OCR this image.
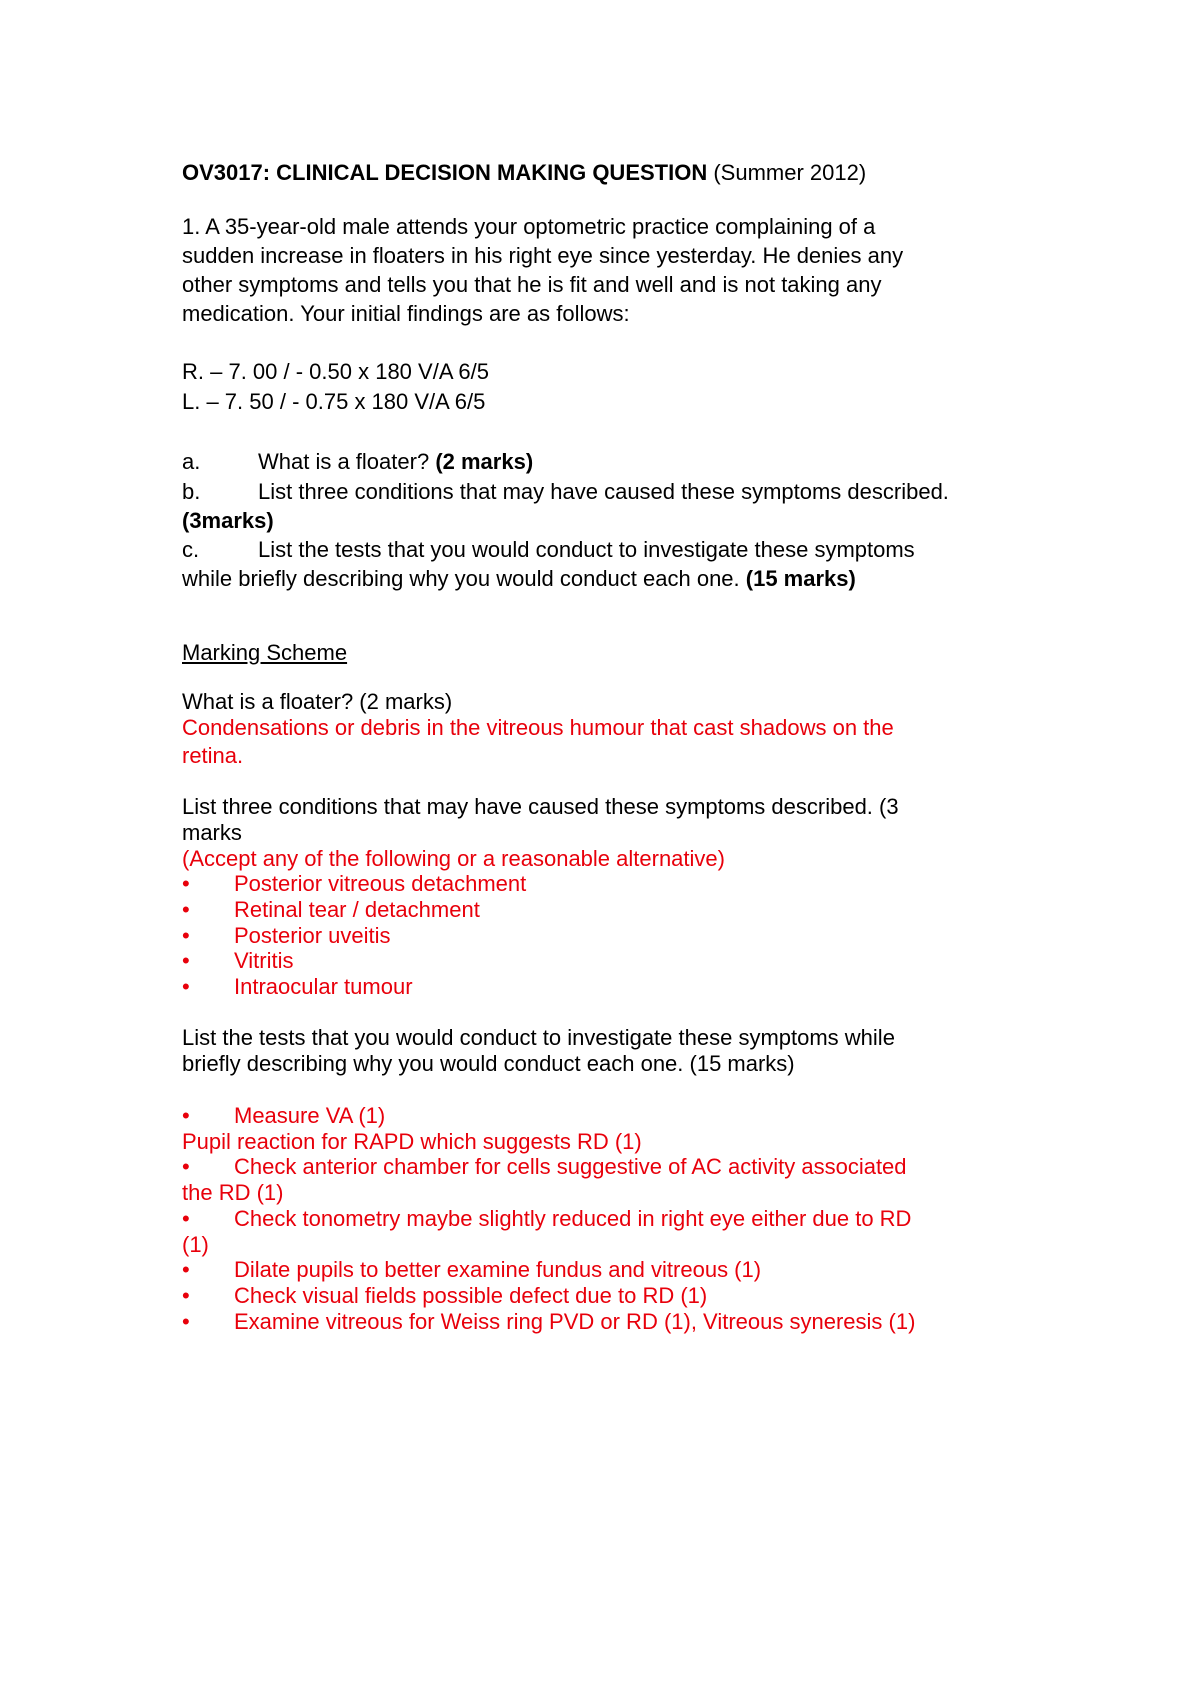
OV3017: CLINICAL DECISION MAKING QUESTION (Summer 2012)
1. A 35-year-old male attends your optometric practice complaining of a
sudden increase in floaters in his right eye since yesterday. He denies any
other symptoms and tells you that he is fit and well and is not taking any
medication. Your initial findings are as follows:
R. – 7. 00 / - 0.50 x 180 V/A 6/5
L. – 7. 50 / - 0.75 x 180 V/A 6/5
a.	What is a floater? (2 marks)
b.	List three conditions that may have caused these symptoms described.
(3marks)
c.	List the tests that you would conduct to investigate these symptoms
while briefly describing why you would conduct each one. (15 marks)
Marking Scheme
What is a floater? (2 marks)
Condensations or debris in the vitreous humour that cast shadows on the
retina.
List three conditions that may have caused these symptoms described. (3
marks
(Accept any of the following or a reasonable alternative)
• Posterior vitreous detachment
• Retinal tear / detachment
• Posterior uveitis
• Vitritis
• Intraocular tumour
List the tests that you would conduct to investigate these symptoms while
briefly describing why you would conduct each one. (15 marks)
• Measure VA (1)
Pupil reaction for RAPD which suggests RD (1)
• Check anterior chamber for cells suggestive of AC activity associated
the RD (1)
• Check tonometry maybe slightly reduced in right eye either due to RD
(1)
• Dilate pupils to better examine fundus and vitreous (1)
• Check visual fields possible defect due to RD (1)
• Examine vitreous for Weiss ring PVD or RD (1), Vitreous syneresis (1)
